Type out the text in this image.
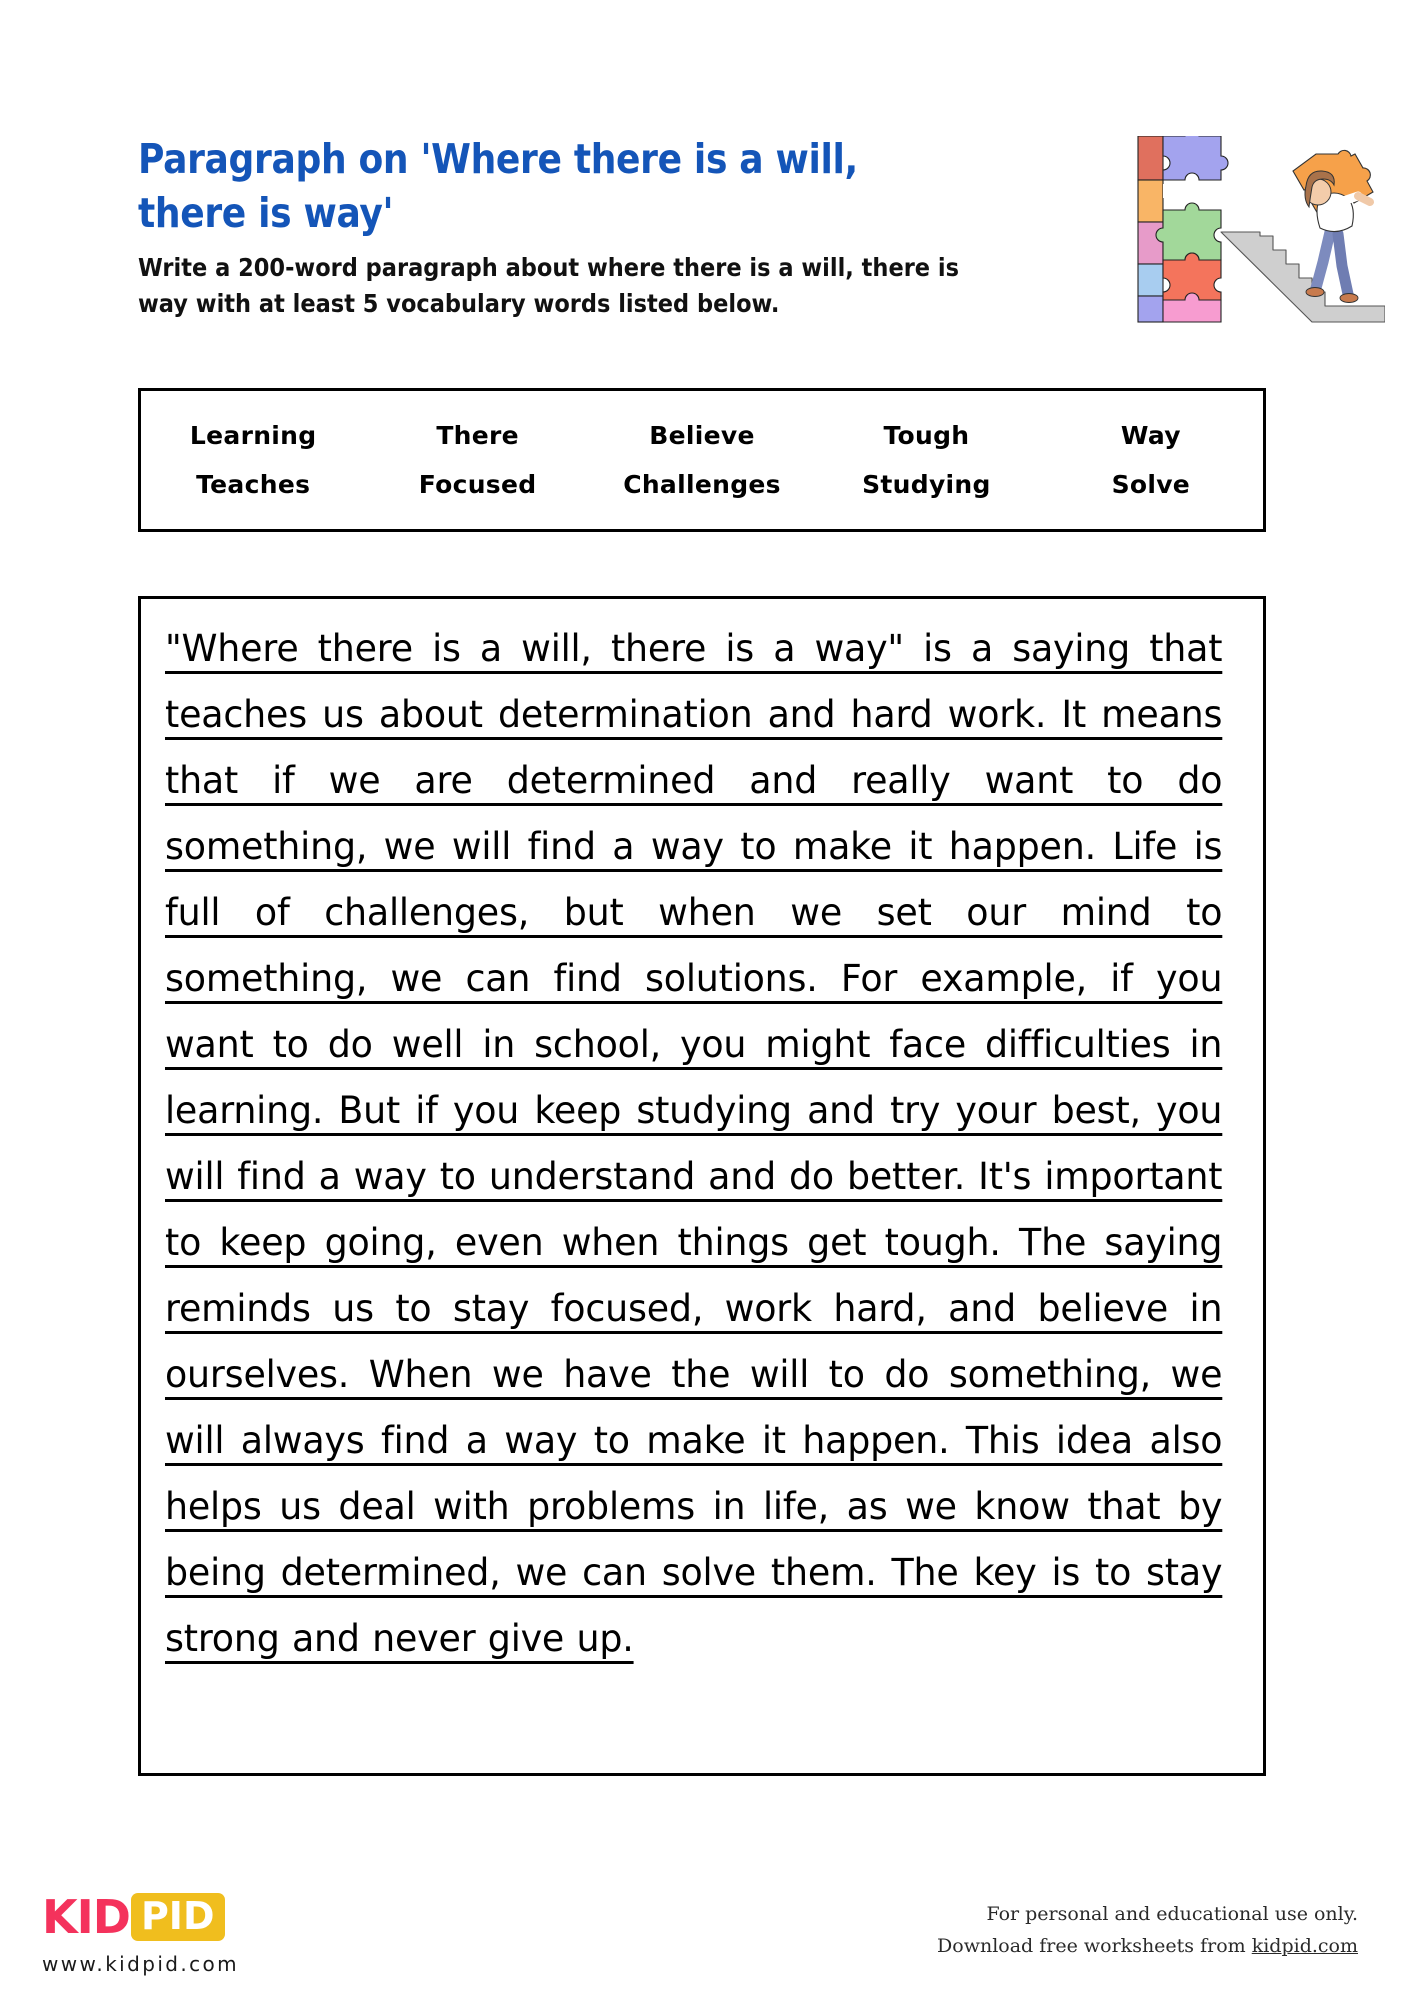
Paragraph on 'Where there is a will, there is way'

Write a 200-word paragraph about where there is a will, there is way with at least 5 vocabulary words listed below.

Learning	There	Believe	Tough	Way
Teaches	Focused	Challenges	Studying	Solve

"Where there is a will, there is a way" is a saying that teaches us about determination and hard work. It means that if we are determined and really want to do something, we will find a way to make it happen. Life is full of challenges, but when we set our mind to something, we can find solutions. For example, if you want to do well in school, you might face difficulties in learning. But if you keep studying and try your best, you will find a way to understand and do better. It's important to keep going, even when things get tough. The saying reminds us to stay focused, work hard, and believe in ourselves. When we have the will to do something, we will always find a way to make it happen. This idea also helps us deal with problems in life, as we know that by being determined, we can solve them. The key is to stay strong and never give up.

KID PID
www.kidpid.com
For personal and educational use only.
Download free worksheets from kidpid.com
